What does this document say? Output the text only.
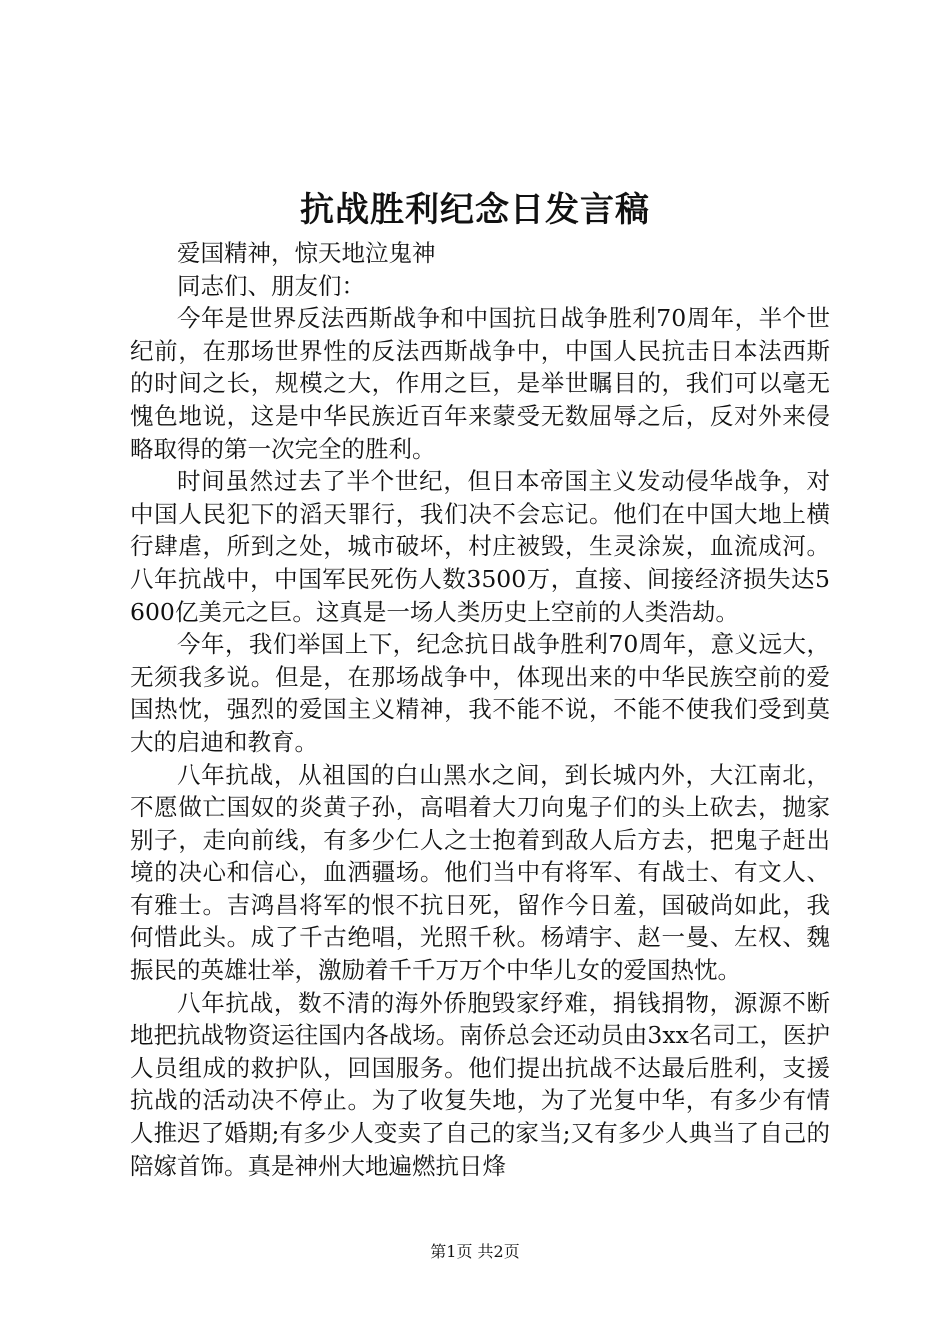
抗战胜利纪念日发言稿

爱国精神，惊天地泣鬼神

同志们、朋友们：

今年是世界反法西斯战争和中国抗日战争胜利70周年，半个世纪前，在那场世界性的反法西斯战争中，中国人民抗击日本法西斯的时间之长，规模之大，作用之巨，是举世瞩目的，我们可以毫无愧色地说，这是中华民族近百年来蒙受无数屈辱之后，反对外来侵略取得的第一次完全的胜利。

时间虽然过去了半个世纪，但日本帝国主义发动侵华战争，对中国人民犯下的滔天罪行，我们决不会忘记。他们在中国大地上横行肆虐，所到之处，城市破坏，村庄被毁，生灵涂炭，血流成河。八年抗战中，中国军民死伤人数3500万，直接、间接经济损失达5600亿美元之巨。这真是一场人类历史上空前的人类浩劫。

今年，我们举国上下，纪念抗日战争胜利70周年，意义远大，无须我多说。但是，在那场战争中，体现出来的中华民族空前的爱国热忱，强烈的爱国主义精神，我不能不说，不能不使我们受到莫大的启迪和教育。

八年抗战，从祖国的白山黑水之间，到长城内外，大江南北，不愿做亡国奴的炎黄子孙，高唱着大刀向鬼子们的头上砍去，抛家别子，走向前线，有多少仁人之士抱着到敌人后方去，把鬼子赶出境的决心和信心，血洒疆场。他们当中有将军、有战士、有文人、有雅士。吉鸿昌将军的恨不抗日死，留作今日羞，国破尚如此，我何惜此头。成了千古绝唱，光照千秋。杨靖宇、赵一曼、左权、魏振民的英雄壮举，激励着千千万万个中华儿女的爱国热忱。

八年抗战，数不清的海外侨胞毁家纾难，捐钱捐物，源源不断地把抗战物资运往国内各战场。南侨总会还动员由3xx名司工，医护人员组成的救护队，回国服务。他们提出抗战不达最后胜利，支援抗战的活动决不停止。为了收复失地，为了光复中华，有多少有情人推迟了婚期;有多少人变卖了自己的家当;又有多少人典当了自己的陪嫁首饰。真是神州大地遍燃抗日烽

第1页 共2页
